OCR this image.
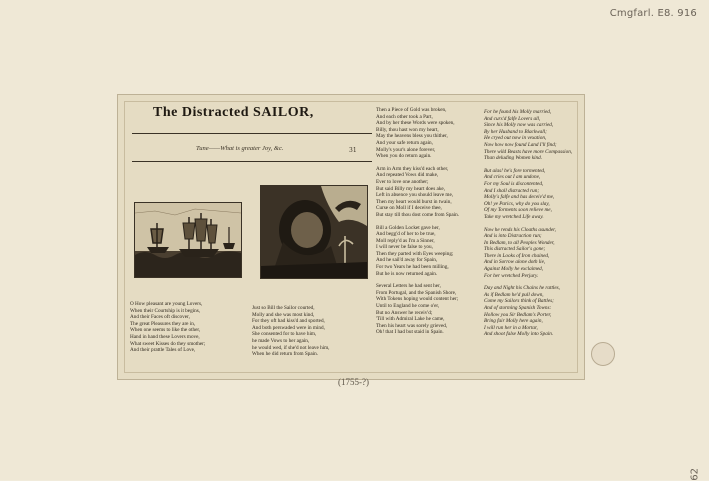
Cmgfarl. E8. 916
62
The Distracted SAILOR,
Tune——What is greater Joy, &c.	31
O How pleasant are young Lovers,
When their Courtship is it begins,
And their Faces oft discover,
The great Pleasures they are in,
When one seems to like the other,
Hand in hand these Lovers move,
What sweet Kisses do they smother;
And their prattle Tales of Love,
Just so Bill the Sailor courted,
Molly and she was most kind,
For they oft had kiss'd and sported,
And both perswaded were in mind,
She consented for to have him,
he made Vows to her again,
he would wed, if she'd not leave him,
When he did return from Spain.
Then a Piece of Gold was broken,
And each other took a Part,
And by her these Words were spoken,
Billy, thou hast won my heart,
May the heavens bless you thither,
And your safe return again,
Molly's your's alone forever,
When you do return again.
Arm in Arm they kiss'd each other,
And repeated Vows did make,
Ever to love one another;
But said Billy my heart does ake,
Left in absence you should leave me,
Then my heart would burst in twain,
Curse on Moll if I deceive thee,
But stay till thou dost come from Spain.
Bill a Golden Locket gave her,
And begg'd of her to be true,
Moll reply'd as I'm a Sinner,
I will never be false to you,
Then they parted with Eyes weeping;
And he sail'd away for Spain,
For two Years he had been milling,
But he is now returned again.
Several Letters he had sent her,
From Portugal, and the Spanish Shore,
With Tokens hoping would content her;
Until to England he come o'er,
But no Answer he receiv'd;
'Till with Admiral Lake he came,
Then his heart was sorely grieved,
Oh! that I had but staid in Spain.
For he found his Molly married,
And curs'd falfe Lovers all,
Since his Molly now was carried,
By her Husband to Blackwall;
He cryed out now in vexation,
Now how now found Land I'll find;
There wild Beasts have more Compassion,
Than deluding Women kind.
But alas! he's fore tormented,
And cries out I am undone,
For my Soul is discontented,
And I shall distracted run;
Molly's falfe and has deceiv'd me,
Oh! ye Parics, why do you slay,
Of my Torments soon relieve me,
Take my wretched Life away.
Now he rends his Cloaths asunder,
And is into Distraction run;
In Bedlam, to all Peoples Wonder,
This distracted Sailor's gone;
There in Looks of Iron chained,
And in Sorrow alone doth lie,
Against Molly he exclaimed,
For her wretched Perjury.
Day and Night his Chains he rattles,
As if Bedlam he'd pull down,
Come my Sailors think of Battles;
And of storming Spanish Towns:
Hollow you Sir Bedlam's Porter,
Bring fair Molly here again,
I will run her in a Mortar,
And shoot false Molly into Spain.
(1755-?)
